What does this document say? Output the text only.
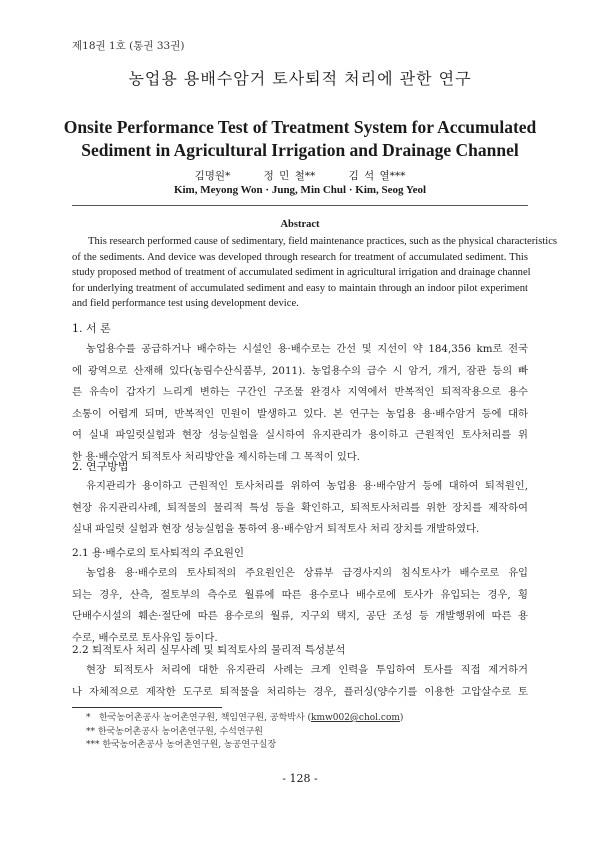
제18권 1호 (통권 33권)
농업용 용배수암거 토사퇴적 처리에 관한 연구
Onsite Performance Test of Treatment System for Accumulated
Sediment in Agricultural Irrigation and Drainage Channel
김명원*	정 민 철**	김 석 열***
Kim, Meyong Won · Jung, Min Chul · Kim, Seog Yeol
Abstract
This research performed cause of sedimentary, field maintenance practices, such as the physical characteristics
of the sediments. And device was developed through research for treatment of accumulated sediment. This
study proposed method of treatment of accumulated sediment in agricultural irrigation and drainage channel
for underlying treatment of accumulated sediment and easy to maintain through an indoor pilot experiment
and field performance test using development device.
1. 서 론
농업용수를 공급하거나 배수하는 시설인 용·배수로는 간선 및 지선이 약 184,356 km로 전국
에 광역으로 산재해 있다(농림수산식품부, 2011). 농업용수의 급수 시 암거, 개거, 잠관 등의 빠
른 유속이 갑자기 느리게 변하는 구간인 구조물 완경사 지역에서 반복적인 퇴적작용으로 용수
소통이 어렵게 되며, 반복적인 민원이 발생하고 있다. 본 연구는 농업용 용·배수암거 등에 대하
여 실내 파일럿실험과 현장 성능실험을 실시하여 유지관리가 용이하고 근원적인 토사처리를 위
한 용·배수암거 퇴적토사 처리방안을 제시하는데 그 목적이 있다.
2. 연구방법
유지관리가 용이하고 근원적인 토사처리를 위하여 농업용 용·배수암거 등에 대하여 퇴적원인,
현장 유지관리사례, 퇴적물의 물리적 특성 등을 확인하고, 퇴적토사처리를 위한 장치를 제작하여
실내 파일럿 실험과 현장 성능실험을 통하여 용·배수암거 퇴적토사 처리 장치를 개발하였다.
2.1 용·배수로의 토사퇴적의 주요원인
농업용 용·배수로의 토사퇴적의 주요원인은 상류부 급경사지의 침식토사가 배수로로 유입
되는 경우, 산측, 절토부의 측수로 월류에 따른 용수로나 배수로에 토사가 유입되는 경우, 횡
단배수시설의 훼손·절단에 따른 용수로의 월류, 지구외 택지, 공단 조성 등 개발행위에 따른 용
수로, 배수로로 토사유입 등이다.
2.2 퇴적토사 처리 실무사례 및 퇴적토사의 물리적 특성분석
현장 퇴적토사 처리에 대한 유지관리 사례는 크게 인력을 투입하여 토사를 직접 제거하거
나 자체적으로 제작한 도구로 퇴적물을 처리하는 경우, 플러싱(양수기를 이용한 고압살수로 토
* 한국농어촌공사 농어촌연구원, 책임연구원, 공학박사 (kmw002@chol.com)
** 한국농어촌공사 농어촌연구원, 수석연구원
*** 한국농어촌공사 농어촌연구원, 농공연구실장
- 128 -
